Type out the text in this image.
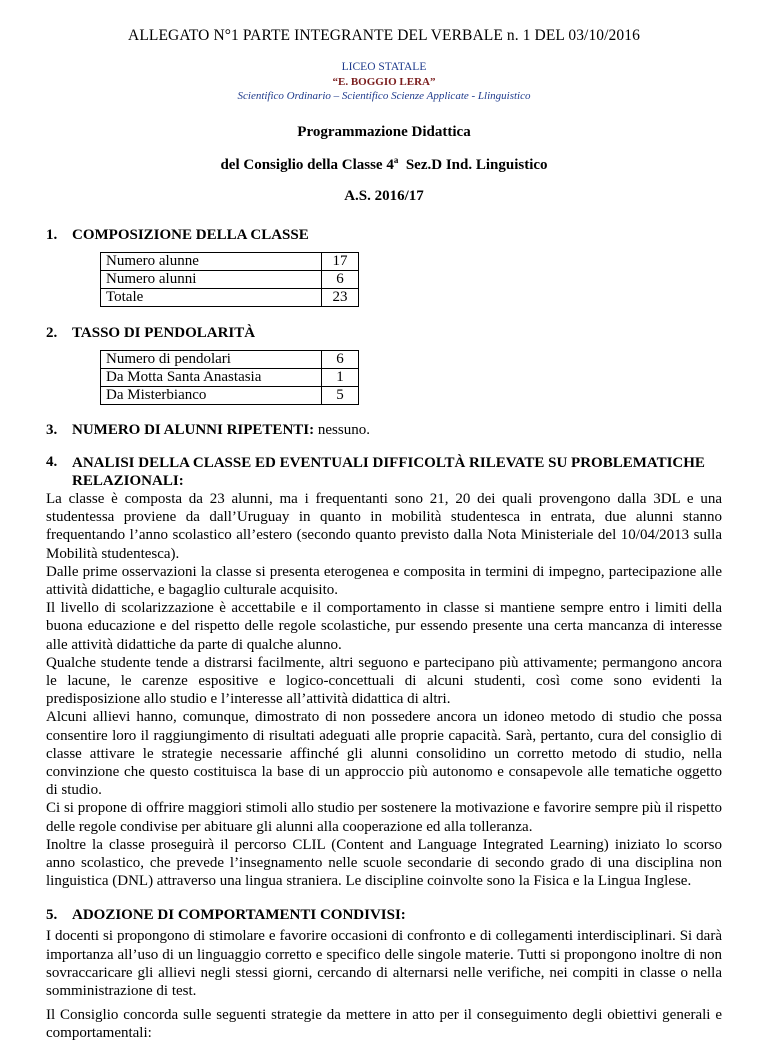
ALLEGATO N°1 PARTE INTEGRANTE DEL VERBALE n. 1 DEL 03/10/2016
LICEO STATALE
“E. BOGGIO LERA”
Scientifico Ordinario – Scientifico Scienze Applicate - Llinguistico
Programmazione Didattica
del Consiglio della Classe 4$^a$  Sez.D Ind. Linguistico
A.S. 2016/17
1. COMPOSIZIONE DELLA CLASSE
Numero alunne	17
Numero alunni	6
Totale	23
2. TASSO DI PENDOLARITÀ
Numero di pendolari	6
Da Motta Santa Anastasia	1
Da Misterbianco	5
3. NUMERO DI ALUNNI RIPETENTI: nessuno.
4. ANALISI DELLA CLASSE ED EVENTUALI DIFFICOLTÀ RILEVATE SU PROBLEMATICHE RELAZIONALI:

La classe è composta da 23 alunni, ma i frequentanti sono 21, 20 dei quali provengono dalla 3DL e una studentessa proviene da dall’Uruguay in quanto in mobilità studentesca in entrata, due alunni stanno frequentando l’anno scolastico all’estero (secondo quanto previsto dalla Nota Ministeriale del 10/04/2013 sulla Mobilità studentesca).

Dalle prime osservazioni la classe si presenta eterogenea e composita in termini di impegno, partecipazione alle attività didattiche, e bagaglio culturale acquisito.

Il livello di scolarizzazione è accettabile e il comportamento in classe si mantiene sempre entro i limiti della buona educazione e del rispetto delle regole scolastiche, pur essendo presente una certa mancanza di interesse alle attività didattiche da parte di qualche alunno.

Qualche studente tende a distrarsi facilmente, altri seguono e partecipano più attivamente; permangono ancora le lacune, le carenze espositive e logico-concettuali di alcuni studenti, così come sono evidenti la predisposizione allo studio e l’interesse all’attività didattica di altri.

Alcuni allievi hanno, comunque, dimostrato di non possedere ancora un idoneo metodo di studio che possa consentire loro il raggiungimento di risultati adeguati alle proprie capacità. Sarà, pertanto, cura del consiglio di classe attivare le strategie necessarie affinché gli alunni consolidino un corretto metodo di studio, nella convinzione che questo costituisca la base di un approccio più autonomo e consapevole alle tematiche oggetto di studio.

Ci si propone di offrire maggiori stimoli allo studio per sostenere la motivazione e favorire sempre più il rispetto delle regole condivise per abituare gli alunni alla cooperazione ed alla tolleranza.

Inoltre la classe proseguirà il percorso CLIL (Content and Language Integrated Learning) iniziato lo scorso anno scolastico, che prevede l’insegnamento nelle scuole secondarie di secondo grado di una disciplina non linguistica (DNL) attraverso una lingua straniera. Le discipline coinvolte sono la Fisica e la Lingua Inglese.

5. ADOZIONE DI COMPORTAMENTI CONDIVISI:

I docenti si propongono di stimolare e favorire occasioni di confronto e di collegamenti interdisciplinari. Si darà importanza all’uso di un linguaggio corretto e specifico delle singole materie. Tutti si propongono inoltre di non sovraccaricare gli allievi negli stessi giorni, cercando di alternarsi nelle verifiche, nei compiti in classe o nella somministrazione di test.

Il Consiglio concorda sulle seguenti strategie da mettere in atto per il conseguimento degli obiettivi generali e comportamentali:
